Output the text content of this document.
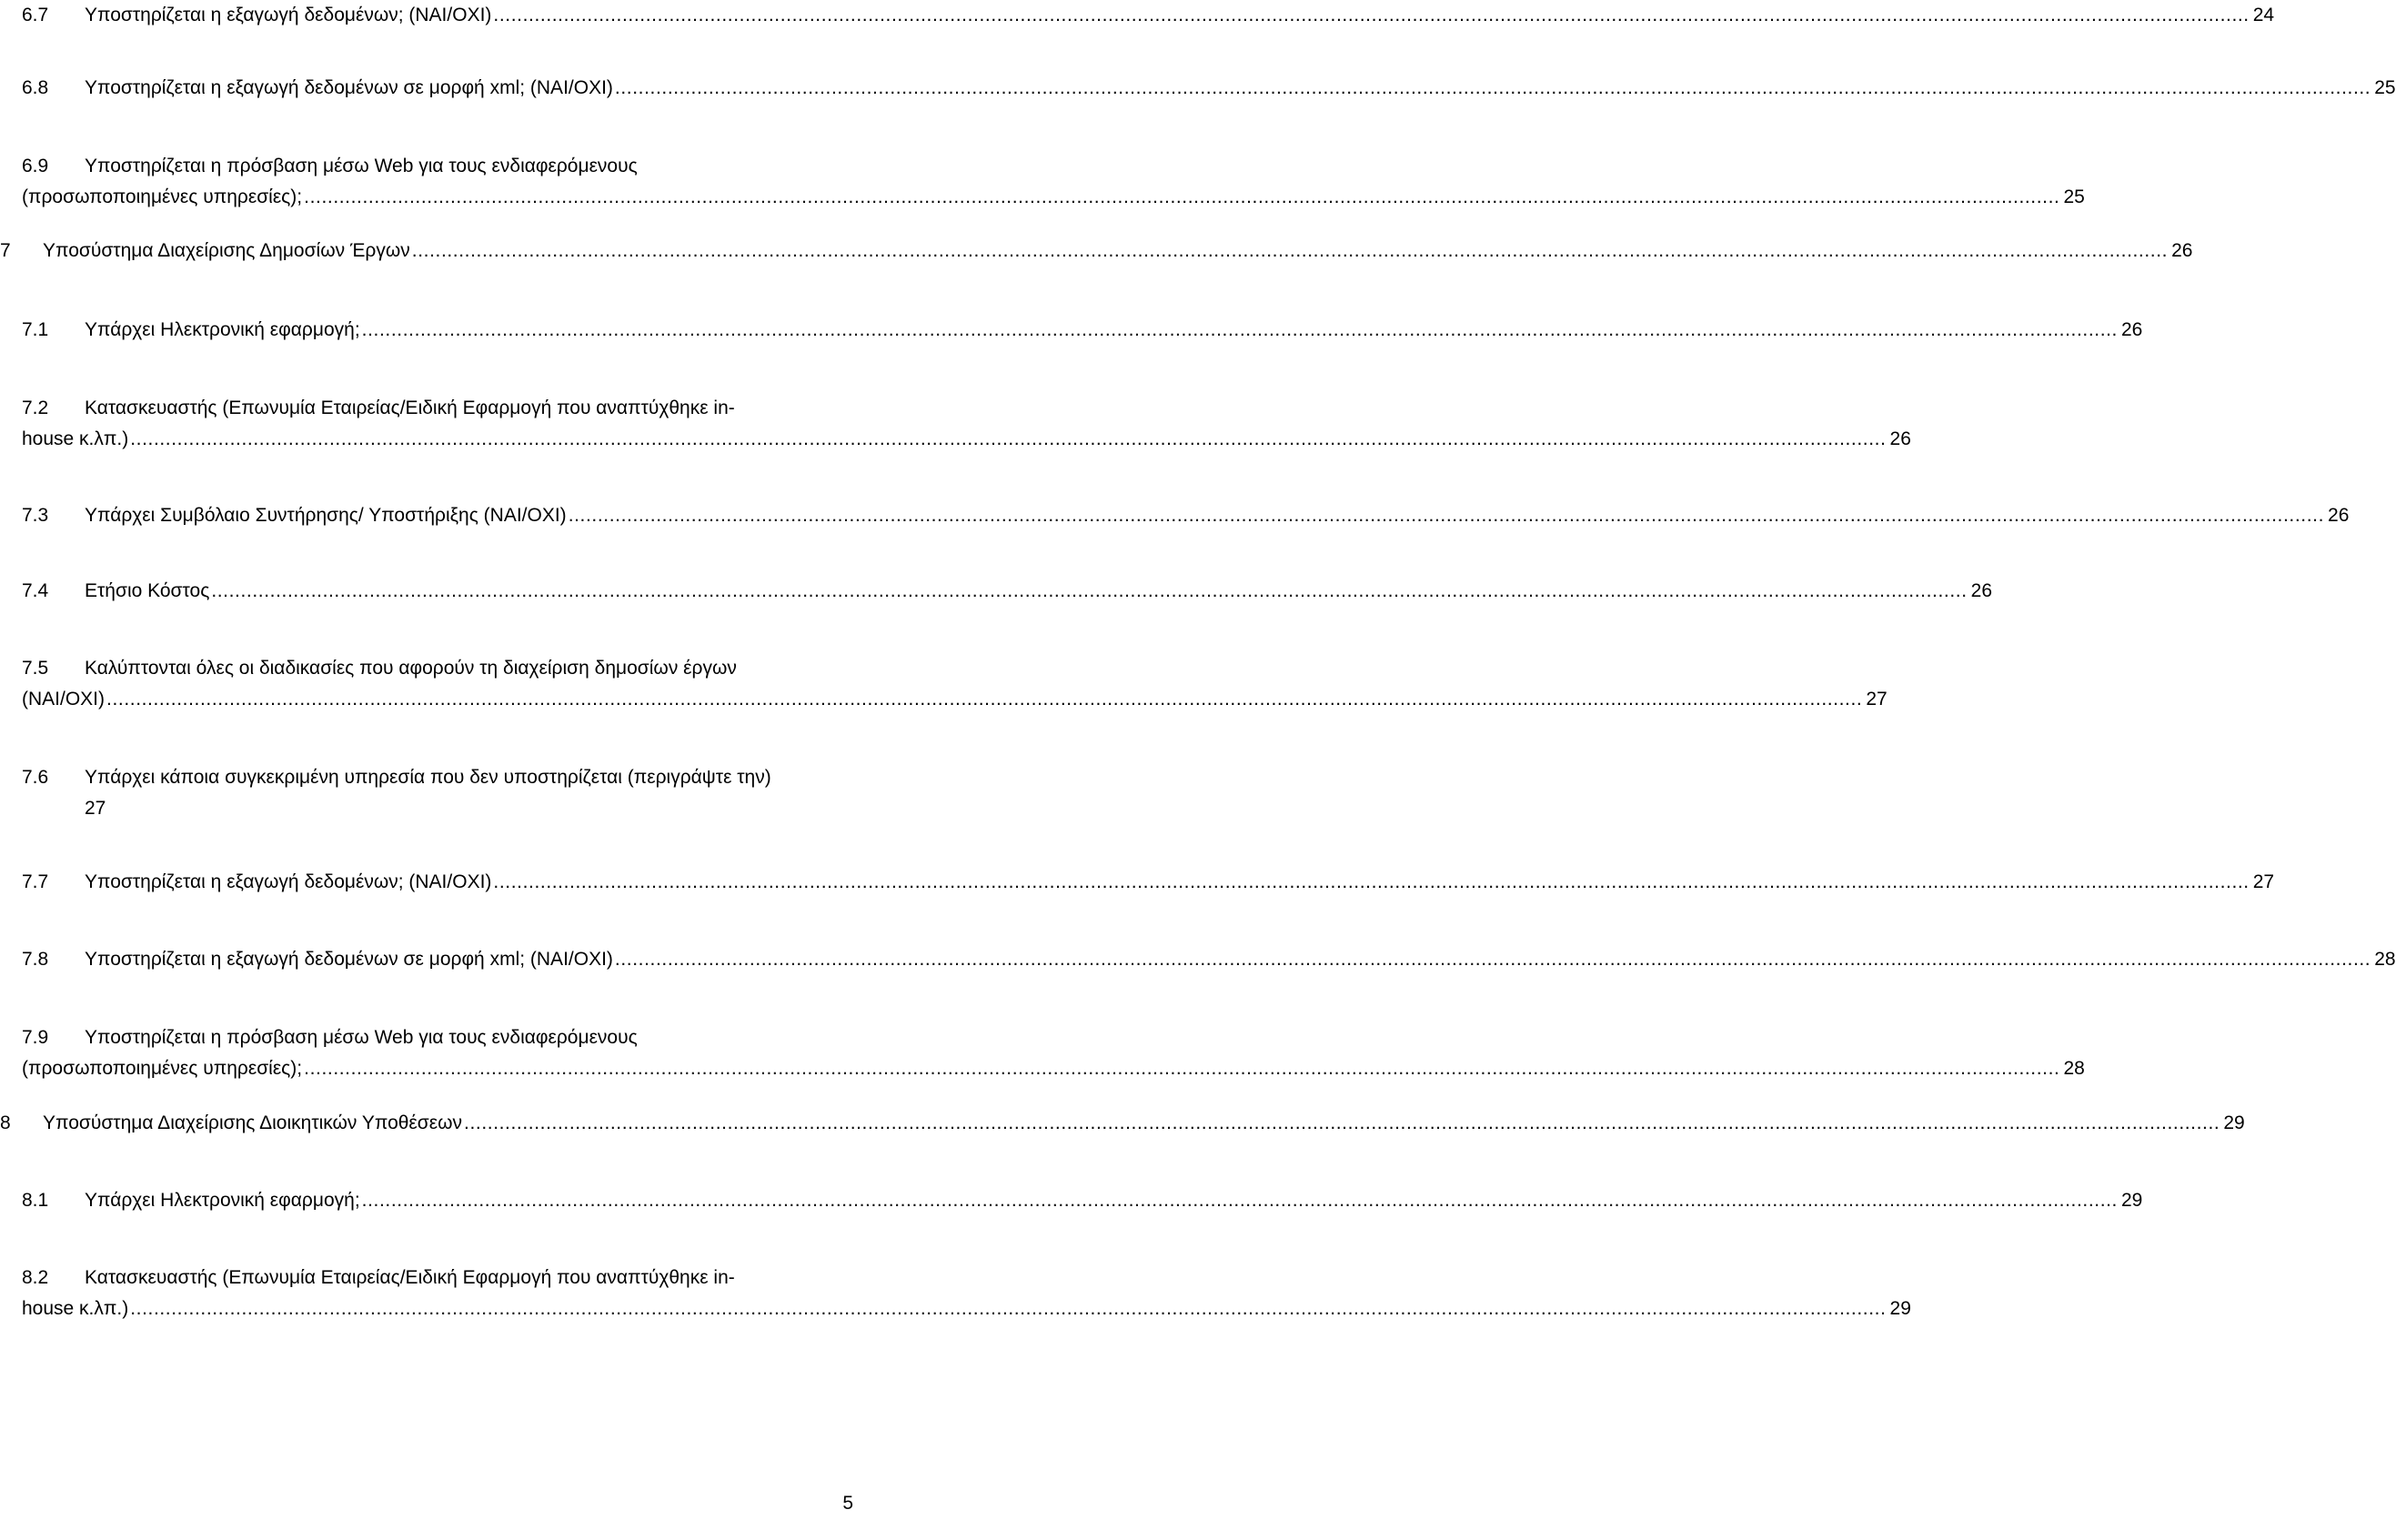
6.7 Υποστηρίζεται η εξαγωγή δεδομένων; (ΝΑΙ/ΟΧΙ) ............................................................................................................................................................................................................................................................................................................ 24
6.8 Υποστηρίζεται η εξαγωγή δεδομένων σε μορφή xml; (ΝΑΙ/ΟΧΙ) ............................................................................................................................................................................................................................................................................................................ 25
6.9 Υποστηρίζεται η πρόσβαση μέσω Web για τους ενδιαφερόμενους
(προσωποποιημένες υπηρεσίες); ............................................................................................................................................................................................................................................................................................................ 25
7 Υποσύστημα Διαχείρισης Δημοσίων Έργων ............................................................................................................................................................................................................................................................................................................ 26
7.1 Υπάρχει Ηλεκτρονική εφαρμογή; ............................................................................................................................................................................................................................................................................................................ 26
7.2 Κατασκευαστής (Επωνυμία Εταιρείας/Ειδική Εφαρμογή που αναπτύχθηκε in-
house κ.λπ.) ............................................................................................................................................................................................................................................................................................................ 26
7.3 Υπάρχει Συμβόλαιο Συντήρησης/ Υποστήριξης (ΝΑΙ/ΟΧΙ) ............................................................................................................................................................................................................................................................................................................ 26
7.4 Ετήσιο Κόστος ............................................................................................................................................................................................................................................................................................................ 26
7.5 Καλύπτονται όλες οι διαδικασίες που αφορούν τη διαχείριση δημοσίων έργων
(ΝΑΙ/ΟΧΙ) ............................................................................................................................................................................................................................................................................................................ 27
7.6 Υπάρχει κάποια συγκεκριμένη υπηρεσία που δεν υποστηρίζεται (περιγράψτε την)
27
7.7 Υποστηρίζεται η εξαγωγή δεδομένων; (ΝΑΙ/ΟΧΙ) ............................................................................................................................................................................................................................................................................................................ 27
7.8 Υποστηρίζεται η εξαγωγή δεδομένων σε μορφή xml; (ΝΑΙ/ΟΧΙ) ............................................................................................................................................................................................................................................................................................................ 28
7.9 Υποστηρίζεται η πρόσβαση μέσω Web για τους ενδιαφερόμενους
(προσωποποιημένες υπηρεσίες); ............................................................................................................................................................................................................................................................................................................ 28
8 Υποσύστημα Διαχείρισης Διοικητικών Υποθέσεων ............................................................................................................................................................................................................................................................................................................ 29
8.1 Υπάρχει Ηλεκτρονική εφαρμογή; ............................................................................................................................................................................................................................................................................................................ 29
8.2 Κατασκευαστής (Επωνυμία Εταιρείας/Ειδική Εφαρμογή που αναπτύχθηκε in-
house κ.λπ.) ............................................................................................................................................................................................................................................................................................................ 29
5
